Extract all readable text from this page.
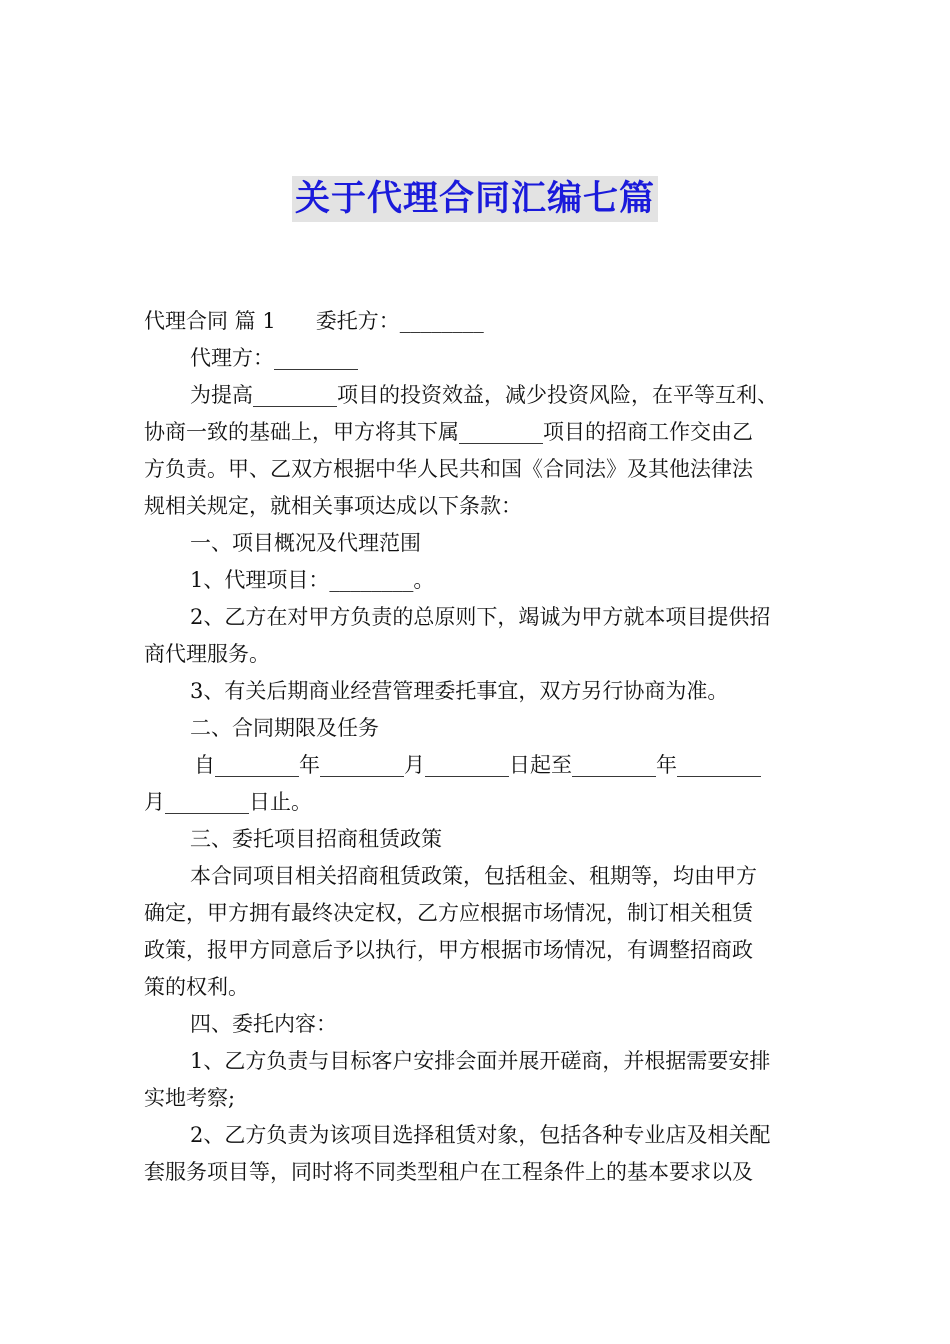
关于代理合同汇编七篇
代理合同 篇 1 委托方：________
代理方：________
为提高________项目的投资效益，减少投资风险，在平等互利、
协商一致的基础上，甲方将其下属________项目的招商工作交由乙
方负责。甲、乙双方根据中华人民共和国《合同法》及其他法律法
规相关规定，就相关事项达成以下条款：
一、项目概况及代理范围
1、代理项目：________。
2、乙方在对甲方负责的总原则下，竭诚为甲方就本项目提供招
商代理服务。
3、有关后期商业经营管理委托事宜，双方另行协商为准。
二、合同期限及任务
自________年________月________日起至________年________
月________日止。
三、委托项目招商租赁政策
本合同项目相关招商租赁政策，包括租金、租期等，均由甲方
确定，甲方拥有最终决定权，乙方应根据市场情况，制订相关租赁
政策，报甲方同意后予以执行，甲方根据市场情况，有调整招商政
策的权利。
四、委托内容：
1、乙方负责与目标客户安排会面并展开磋商，并根据需要安排
实地考察;
2、乙方负责为该项目选择租赁对象，包括各种专业店及相关配
套服务项目等，同时将不同类型租户在工程条件上的基本要求以及
